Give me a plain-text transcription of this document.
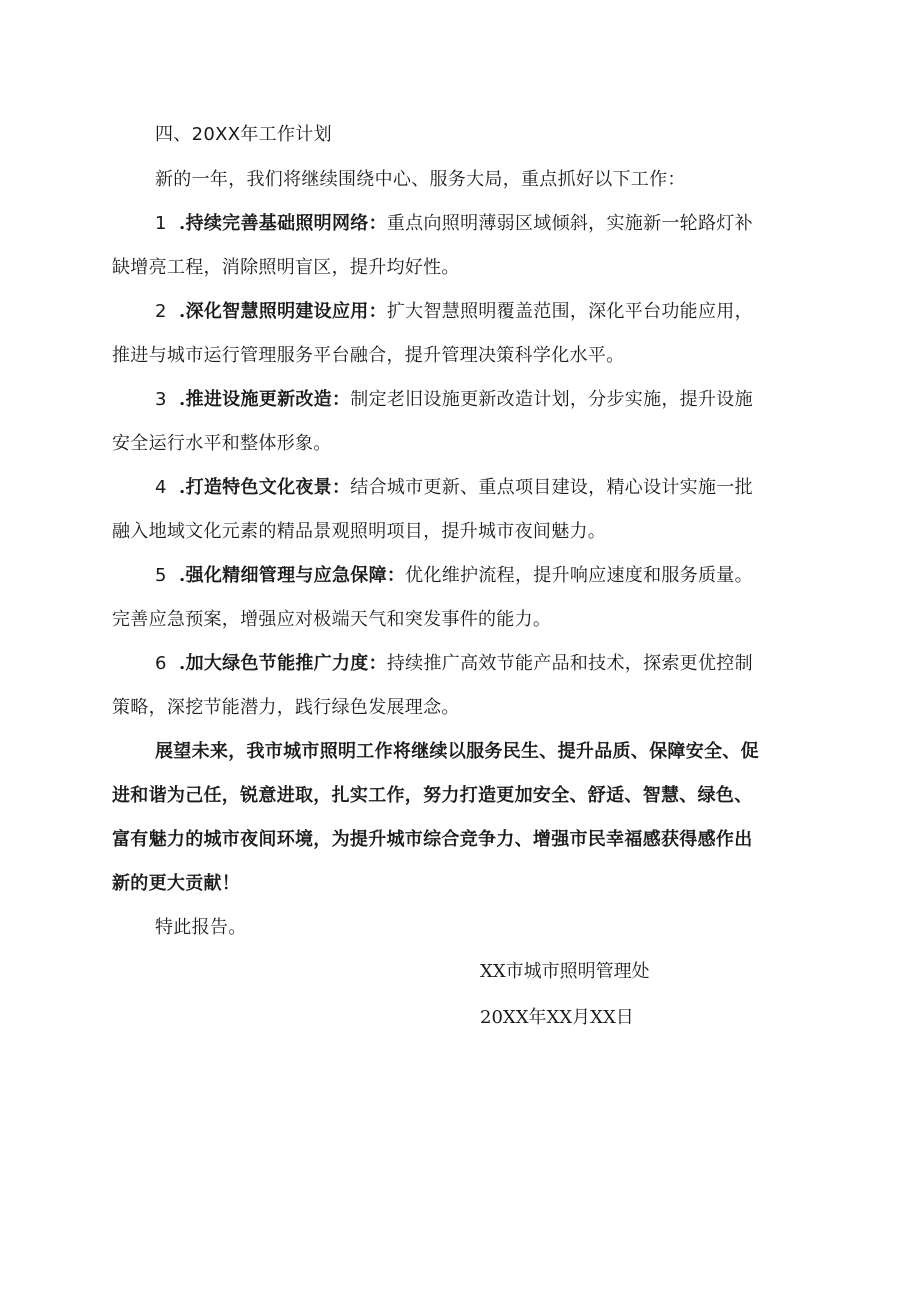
四、20XX年工作计划
新的一年，我们将继续围绕中心、服务大局，重点抓好以下工作：
1 .持续完善基础照明网络：重点向照明薄弱区域倾斜，实施新一轮路灯补
缺增亮工程，消除照明盲区，提升均好性。
2 .深化智慧照明建设应用：扩大智慧照明覆盖范围，深化平台功能应用，
推进与城市运行管理服务平台融合，提升管理决策科学化水平。
3 .推进设施更新改造：制定老旧设施更新改造计划，分步实施，提升设施
安全运行水平和整体形象。
4 .打造特色文化夜景：结合城市更新、重点项目建设，精心设计实施一批
融入地域文化元素的精品景观照明项目，提升城市夜间魅力。
5 .强化精细管理与应急保障：优化维护流程，提升响应速度和服务质量。
完善应急预案，增强应对极端天气和突发事件的能力。
6 .加大绿色节能推广力度：持续推广高效节能产品和技术，探索更优控制
策略，深挖节能潜力，践行绿色发展理念。
展望未来，我市城市照明工作将继续以服务民生、提升品质、保障安全、促
进和谐为己任，锐意进取，扎实工作，努力打造更加安全、舒适、智慧、绿色、
富有魅力的城市夜间环境，为提升城市综合竞争力、增强市民幸福感获得感作出
新的更大贡献！
特此报告。
XX市城市照明管理处
20XX年XX月XX日
